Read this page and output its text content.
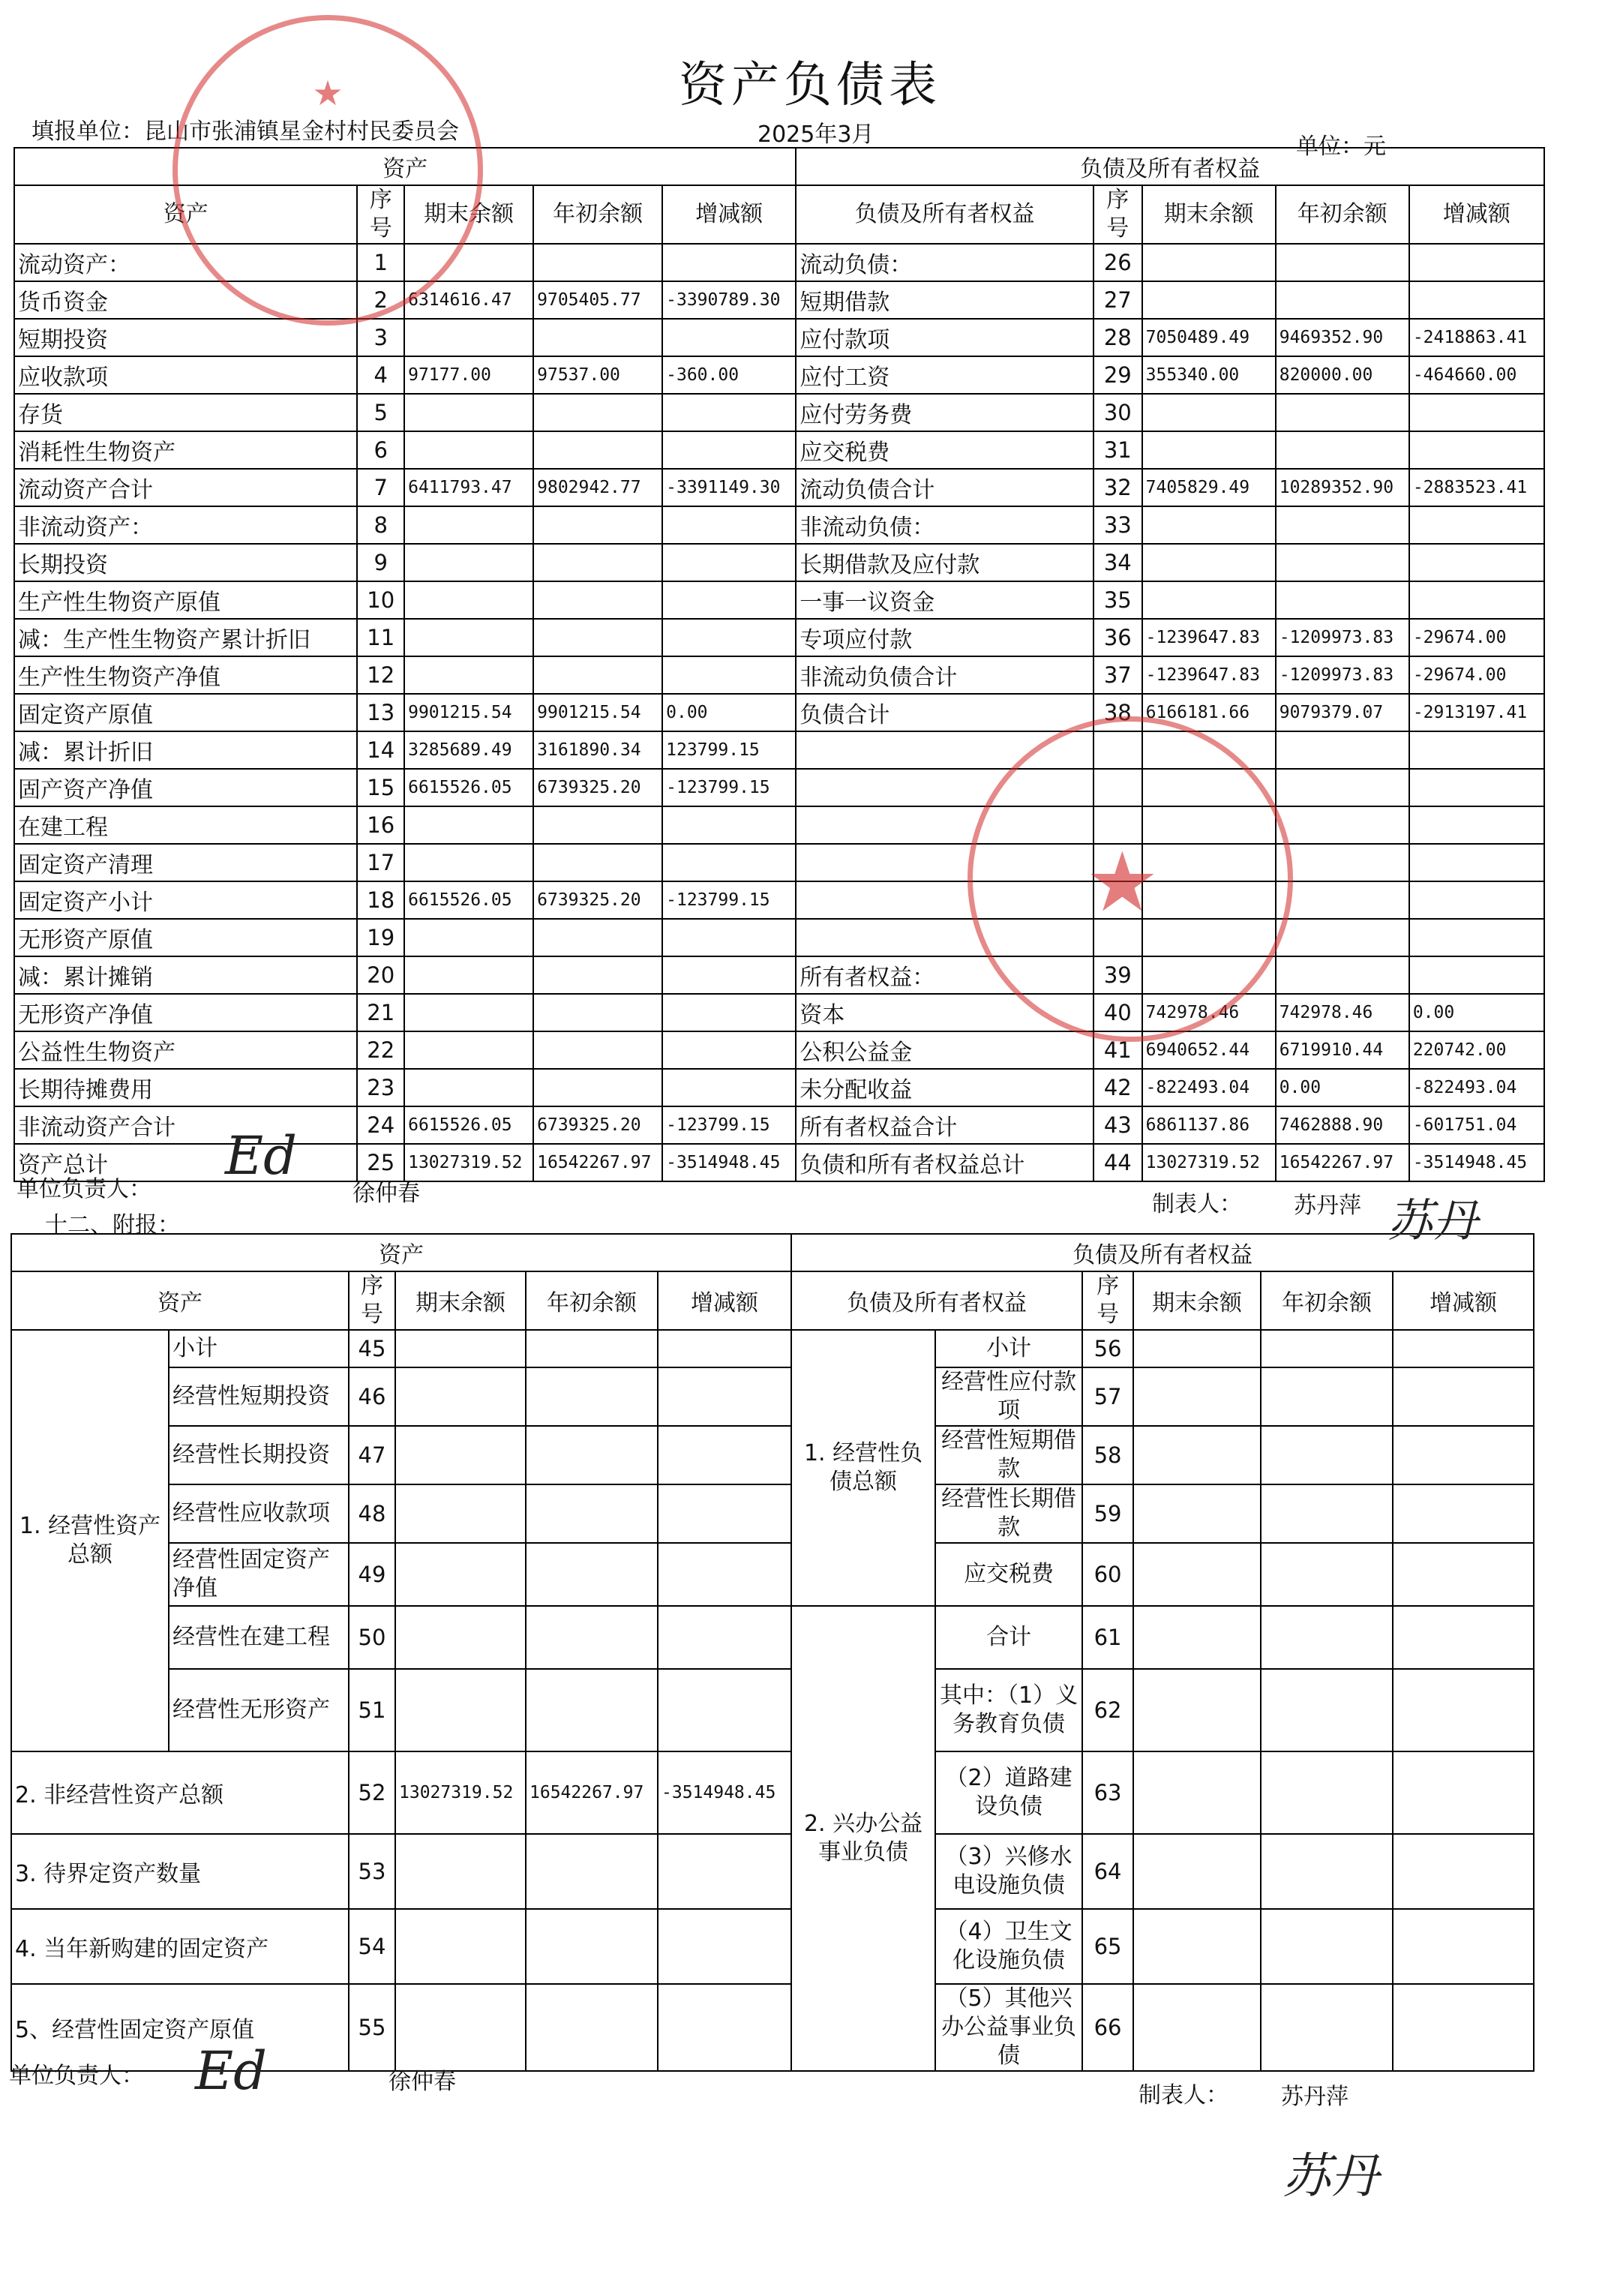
资产负债表
填报单位：昆山市张浦镇星金村村民委员会	2025年3月	单位：元
资产					负债及所有者权益				
资产	序号	期末余额	年初余额	增减额	负债及所有者权益	序号	期末余额	年初余额	增减额
流动资产：	1				流动负债：	26			
货币资金	2	6314616.47	9705405.77	-3390789.30	短期借款	27			
短期投资	3				应付款项	28	7050489.49	9469352.90	-2418863.41
应收款项	4	97177.00	97537.00	-360.00	应付工资	29	355340.00	820000.00	-464660.00
存货	5				应付劳务费	30			
消耗性生物资产	6				应交税费	31			
流动资产合计	7	6411793.47	9802942.77	-3391149.30	流动负债合计	32	7405829.49	10289352.90	-2883523.41
非流动资产：	8				非流动负债：	33			
长期投资	9				长期借款及应付款	34			
生产性生物资产原值	10				一事一议资金	35			
减：生产性生物资产累计折旧	11				专项应付款	36	-1239647.83	-1209973.83	-29674.00
生产性生物资产净值	12				非流动负债合计	37	-1239647.83	-1209973.83	-29674.00
固定资产原值	13	9901215.54	9901215.54	0.00	负债合计	38	6166181.66	9079379.07	-2913197.41
减：累计折旧	14	3285689.49	3161890.34	123799.15					
固产资产净值	15	6615526.05	6739325.20	-123799.15					
在建工程	16								
固定资产清理	17								
固定资产小计	18	6615526.05	6739325.20	-123799.15					
无形资产原值	19								
减：累计摊销	20				所有者权益：	39			
无形资产净值	21				资本	40	742978.46	742978.46	0.00
公益性生物资产	22				公积公益金	41	6940652.44	6719910.44	220742.00
长期待摊费用	23				未分配收益	42	-822493.04	0.00	-822493.04
非流动资产合计	24	6615526.05	6739325.20	-123799.15	所有者权益合计	43	6861137.86	7462888.90	-601751.04
资产总计	25	13027319.52	16542267.97	-3514948.45	负债和所有者权益总计	44	13027319.52	16542267.97	-3514948.45
单位负责人：	徐仲春	制表人： 苏丹萍
十二、附报：
资产						负债及所有者权益					
资产		序号	期末余额	年初余额	增减额	负债及所有者权益		序号	期末余额	年初余额	增减额
1. 经营性资产总额	小计	45				1. 经营性负债总额	小计	56			
	经营性短期投资	46					经营性应付款项	57			
	经营性长期投资	47					经营性短期借款	58			
	经营性应收款项	48					经营性长期借款	59			
	经营性固定资产净值	49					应交税费	60			
	经营性在建工程	50				2. 兴办公益事业负债	合计	61			
	经营性无形资产	51					其中：（1）义务教育负债	62			
2. 非经营性资产总额		52	13027319.52	16542267.97	-3514948.45		（2）道路建设负债	63			
3. 待界定资产数量		53					（3）兴修水电设施负债	64			
4. 当年新购建的固定资产		54					（4）卫生文化设施负债	65			
5、经营性固定资产原值		55					（5）其他兴办公益事业负债	66			
单位负责人：	徐仲春
制表人： 苏丹萍
★
★
Ed
苏丹
Ed
苏丹
